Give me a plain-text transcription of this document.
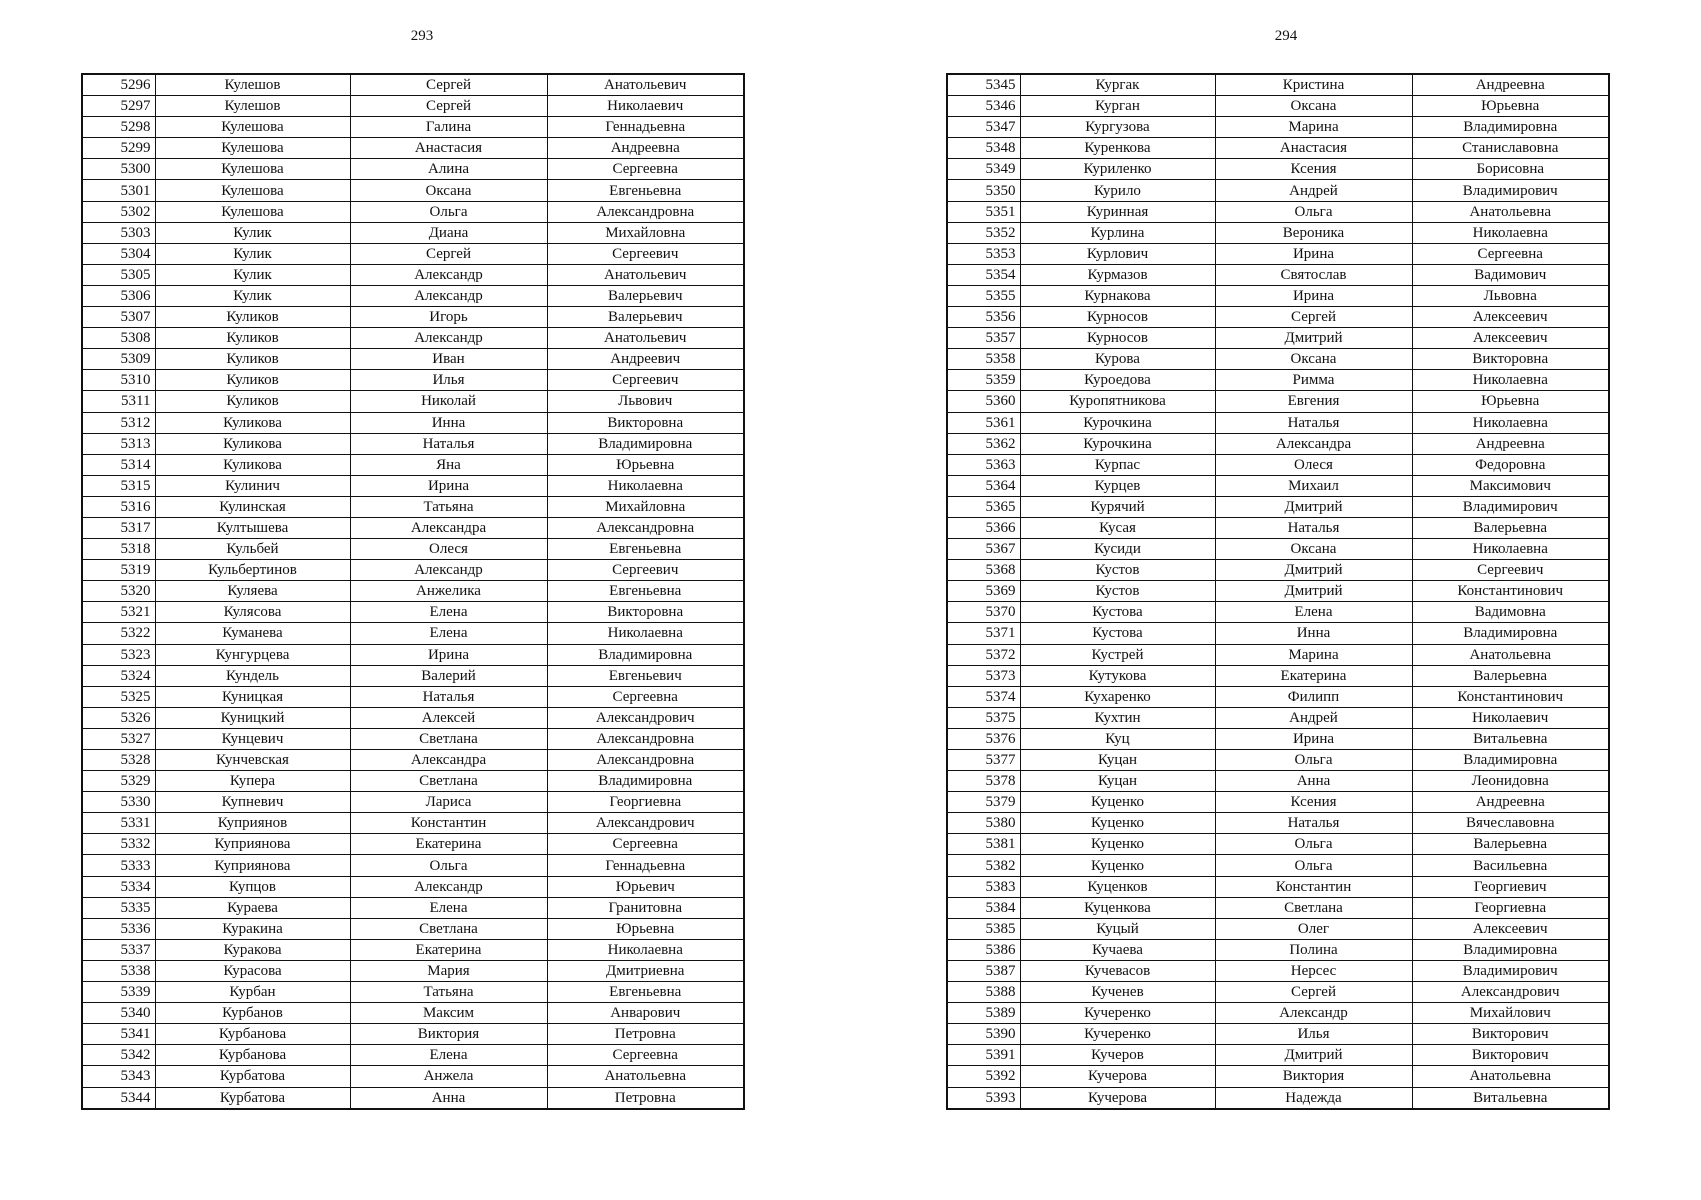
293	294
5296	Кулешов	Сергей	Анатольевич
5297	Кулешов	Сергей	Николаевич
5298	Кулешова	Галина	Геннадьевна
5299	Кулешова	Анастасия	Андреевна
5300	Кулешова	Алина	Сергеевна
5301	Кулешова	Оксана	Евгеньевна
5302	Кулешова	Ольга	Александровна
5303	Кулик	Диана	Михайловна
5304	Кулик	Сергей	Сергеевич
5305	Кулик	Александр	Анатольевич
5306	Кулик	Александр	Валерьевич
5307	Куликов	Игорь	Валерьевич
5308	Куликов	Александр	Анатольевич
5309	Куликов	Иван	Андреевич
5310	Куликов	Илья	Сергеевич
5311	Куликов	Николай	Львович
5312	Куликова	Инна	Викторовна
5313	Куликова	Наталья	Владимировна
5314	Куликова	Яна	Юрьевна
5315	Кулинич	Ирина	Николаевна
5316	Кулинская	Татьяна	Михайловна
5317	Култышева	Александра	Александровна
5318	Кульбей	Олеся	Евгеньевна
5319	Кульбертинов	Александр	Сергеевич
5320	Куляева	Анжелика	Евгеньевна
5321	Кулясова	Елена	Викторовна
5322	Куманева	Елена	Николаевна
5323	Кунгурцева	Ирина	Владимировна
5324	Кундель	Валерий	Евгеньевич
5325	Куницкая	Наталья	Сергеевна
5326	Куницкий	Алексей	Александрович
5327	Кунцевич	Светлана	Александровна
5328	Кунчевская	Александра	Александровна
5329	Купера	Светлана	Владимировна
5330	Купневич	Лариса	Георгиевна
5331	Куприянов	Константин	Александрович
5332	Куприянова	Екатерина	Сергеевна
5333	Куприянова	Ольга	Геннадьевна
5334	Купцов	Александр	Юрьевич
5335	Кураева	Елена	Гранитовна
5336	Куракина	Светлана	Юрьевна
5337	Куракова	Екатерина	Николаевна
5338	Курасова	Мария	Дмитриевна
5339	Курбан	Татьяна	Евгеньевна
5340	Курбанов	Максим	Анварович
5341	Курбанова	Виктория	Петровна
5342	Курбанова	Елена	Сергеевна
5343	Курбатова	Анжела	Анатольевна
5344	Курбатова	Анна	Петровна
5345	Кургак	Кристина	Андреевна
5346	Курган	Оксана	Юрьевна
5347	Кургузова	Марина	Владимировна
5348	Куренкова	Анастасия	Станиславовна
5349	Куриленко	Ксения	Борисовна
5350	Курило	Андрей	Владимирович
5351	Куринная	Ольга	Анатольевна
5352	Курлина	Вероника	Николаевна
5353	Курлович	Ирина	Сергеевна
5354	Курмазов	Святослав	Вадимович
5355	Курнакова	Ирина	Львовна
5356	Курносов	Сергей	Алексеевич
5357	Курносов	Дмитрий	Алексеевич
5358	Курова	Оксана	Викторовна
5359	Куроедова	Римма	Николаевна
5360	Куропятникова	Евгения	Юрьевна
5361	Курочкина	Наталья	Николаевна
5362	Курочкина	Александра	Андреевна
5363	Курпас	Олеся	Федоровна
5364	Курцев	Михаил	Максимович
5365	Курячий	Дмитрий	Владимирович
5366	Кусая	Наталья	Валерьевна
5367	Кусиди	Оксана	Николаевна
5368	Кустов	Дмитрий	Сергеевич
5369	Кустов	Дмитрий	Константинович
5370	Кустова	Елена	Вадимовна
5371	Кустова	Инна	Владимировна
5372	Кустрей	Марина	Анатольевна
5373	Кутукова	Екатерина	Валерьевна
5374	Кухаренко	Филипп	Константинович
5375	Кухтин	Андрей	Николаевич
5376	Куц	Ирина	Витальевна
5377	Куцан	Ольга	Владимировна
5378	Куцан	Анна	Леонидовна
5379	Куценко	Ксения	Андреевна
5380	Куценко	Наталья	Вячеславовна
5381	Куценко	Ольга	Валерьевна
5382	Куценко	Ольга	Васильевна
5383	Куценков	Константин	Георгиевич
5384	Куценкова	Светлана	Георгиевна
5385	Куцый	Олег	Алексеевич
5386	Кучаева	Полина	Владимировна
5387	Кучевасов	Нерсес	Владимирович
5388	Кученев	Сергей	Александрович
5389	Кучеренко	Александр	Михайлович
5390	Кучеренко	Илья	Викторович
5391	Кучеров	Дмитрий	Викторович
5392	Кучерова	Виктория	Анатольевна
5393	Кучерова	Надежда	Витальевна
